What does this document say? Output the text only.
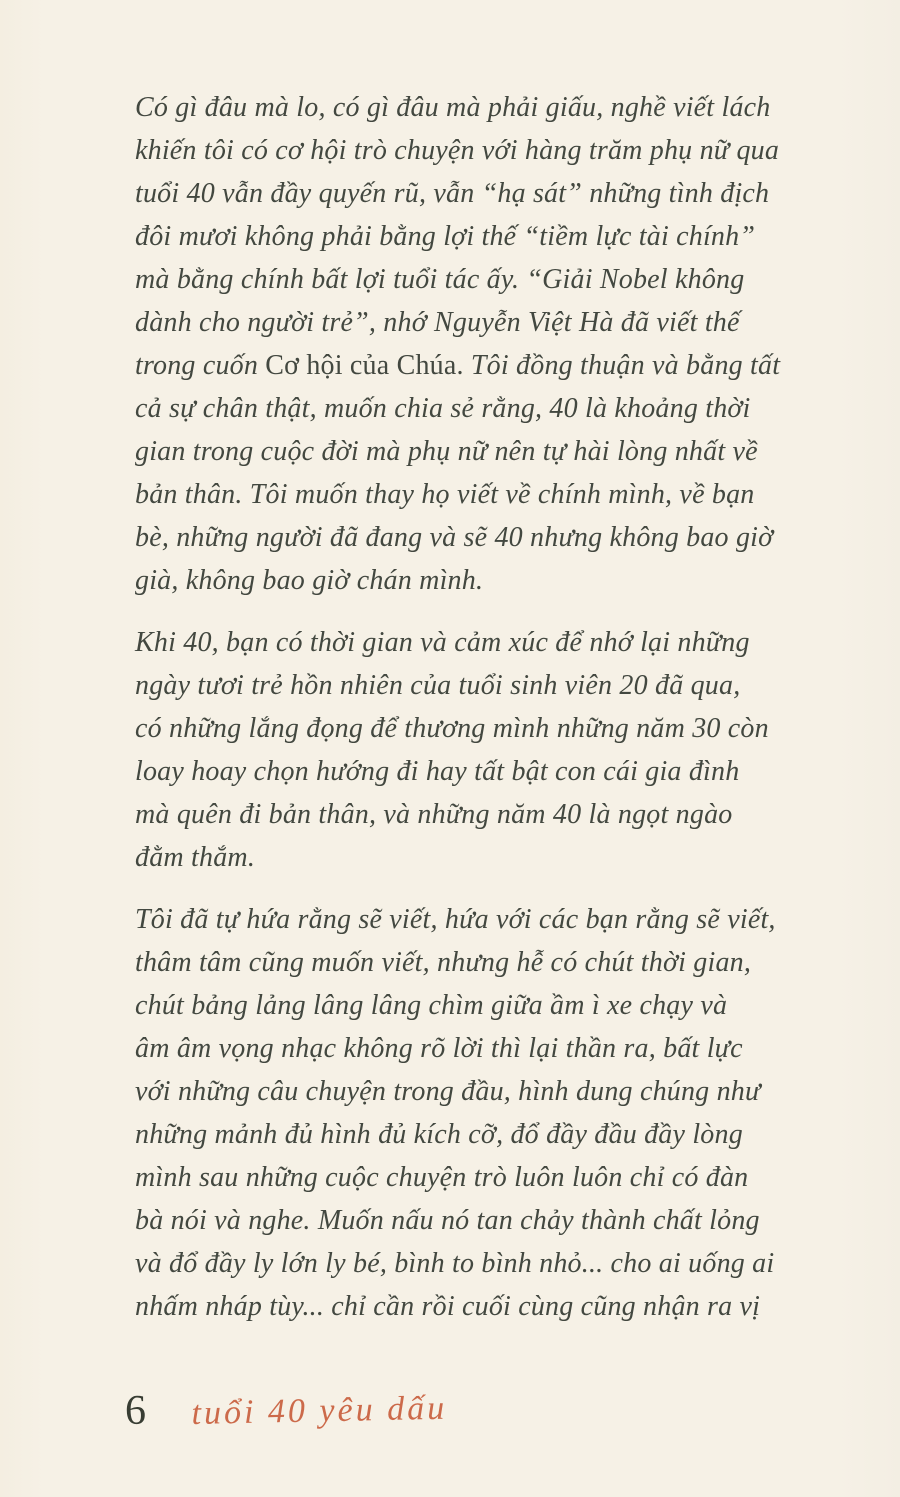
Có gì đâu mà lo, có gì đâu mà phải giấu, nghề viết lách
khiến tôi có cơ hội trò chuyện với hàng trăm phụ nữ qua
tuổi 40 vẫn đầy quyến rũ, vẫn “hạ sát” những tình địch
đôi mươi không phải bằng lợi thế “tiềm lực tài chính”
mà bằng chính bất lợi tuổi tác ấy. “Giải Nobel không
dành cho người trẻ”, nhớ Nguyễn Việt Hà đã viết thế
trong cuốn Cơ hội của Chúa. Tôi đồng thuận và bằng tất
cả sự chân thật, muốn chia sẻ rằng, 40 là khoảng thời
gian trong cuộc đời mà phụ nữ nên tự hài lòng nhất về
bản thân. Tôi muốn thay họ viết về chính mình, về bạn
bè, những người đã đang và sẽ 40 nhưng không bao giờ
già, không bao giờ chán mình.

Khi 40, bạn có thời gian và cảm xúc để nhớ lại những
ngày tươi trẻ hồn nhiên của tuổi sinh viên 20 đã qua,
có những lắng đọng để thương mình những năm 30 còn
loay hoay chọn hướng đi hay tất bật con cái gia đình
mà quên đi bản thân, và những năm 40 là ngọt ngào
đằm thắm.

Tôi đã tự hứa rằng sẽ viết, hứa với các bạn rằng sẽ viết,
thâm tâm cũng muốn viết, nhưng hễ có chút thời gian,
chút bảng lảng lâng lâng chìm giữa ầm ì xe chạy và
âm âm vọng nhạc không rõ lời thì lại thần ra, bất lực
với những câu chuyện trong đầu, hình dung chúng như
những mảnh đủ hình đủ kích cỡ, đổ đầy đầu đầy lòng
mình sau những cuộc chuyện trò luôn luôn chỉ có đàn
bà nói và nghe. Muốn nấu nó tan chảy thành chất lỏng
và đổ đầy ly lớn ly bé, bình to bình nhỏ... cho ai uống ai
nhấm nháp tùy... chỉ cần rồi cuối cùng cũng nhận ra vị

6 tuổi 40 yêu dấu
